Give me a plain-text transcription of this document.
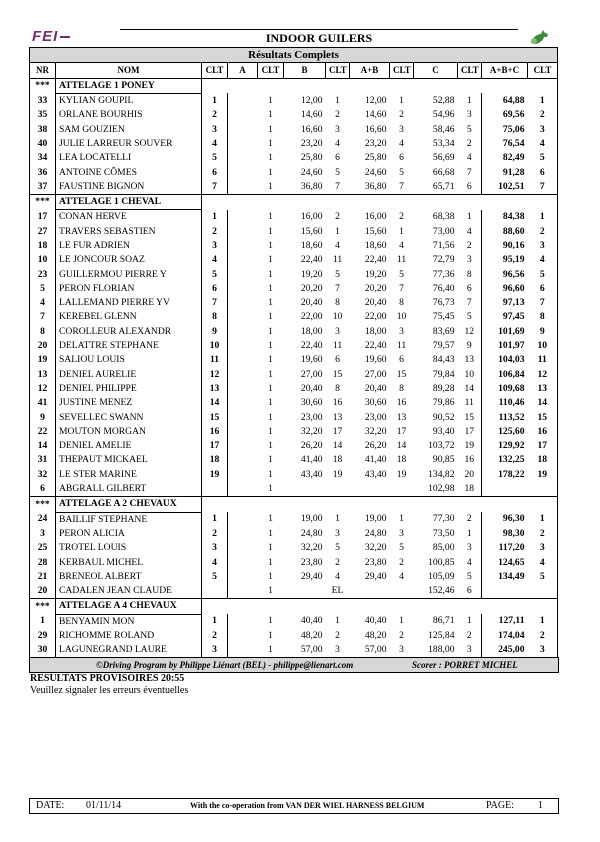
FEI	INDOOR GUILERS
Résultats Complets												
NR	NOM	CLT	A	CLT	B	CLT	A+B	CLT	C	CLT	A+B+C	CLT
***	ATTELAGE 1 PONEY											
33	KYLIAN GOUPIL	1		1	12,00	1	12,00	1	52,88	1	64,88	1
35	ORLANE BOURHIS	2		1	14,60	2	14,60	2	54,96	3	69,56	2
38	SAM GOUZIEN	3		1	16,60	3	16,60	3	58,46	5	75,06	3
40	JULIE LARREUR SOUVER	4		1	23,20	4	23,20	4	53,34	2	76,54	4
34	LEA LOCATELLI	5		1	25,80	6	25,80	6	56,69	4	82,49	5
36	ANTOINE CÔMES	6		1	24,60	5	24,60	5	66,68	7	91,28	6
37	FAUSTINE BIGNON	7		1	36,80	7	36,80	7	65,71	6	102,51	7
***	ATTELAGE 1 CHEVAL											
17	CONAN HERVE	1		1	16,00	2	16,00	2	68,38	1	84,38	1
27	TRAVERS SEBASTIEN	2		1	15,60	1	15,60	1	73,00	4	88,60	2
18	LE FUR ADRIEN	3		1	18,60	4	18,60	4	71,56	2	90,16	3
10	LE JONCOUR SOAZ	4		1	22,40	11	22,40	11	72,79	3	95,19	4
23	GUILLERMOU PIERRE Y	5		1	19,20	5	19,20	5	77,36	8	96,56	5
5	PERON FLORIAN	6		1	20,20	7	20,20	7	76,40	6	96,60	6
4	LALLEMAND PIERRE YV	7		1	20,40	8	20,40	8	76,73	7	97,13	7
7	KEREBEL GLENN	8		1	22,00	10	22,00	10	75,45	5	97,45	8
8	COROLLEUR ALEXANDR	9		1	18,00	3	18,00	3	83,69	12	101,69	9
20	DELATTRE STEPHANE	10		1	22,40	11	22,40	11	79,57	9	101,97	10
19	SALIOU LOUIS	11		1	19,60	6	19,60	6	84,43	13	104,03	11
13	DENIEL AURELIE	12		1	27,00	15	27,00	15	79,84	10	106,84	12
12	DENIEL PHILIPPE	13		1	20,40	8	20,40	8	89,28	14	109,68	13
41	JUSTINE MENEZ	14		1	30,60	16	30,60	16	79,86	11	110,46	14
9	SEVELLEC SWANN	15		1	23,00	13	23,00	13	90,52	15	113,52	15
22	MOUTON MORGAN	16		1	32,20	17	32,20	17	93,40	17	125,60	16
14	DENIEL AMELIE	17		1	26,20	14	26,20	14	103,72	19	129,92	17
31	THEPAUT MICKAEL	18		1	41,40	18	41,40	18	90,85	16	132,25	18
32	LE STER MARINE	19		1	43,40	19	43,40	19	134,82	20	178,22	19
6	ABGRALL GILBERT			1					102,98	18		
***	ATTELAGE A 2 CHEVAUX											
24	BAILLIF STEPHANE	1		1	19,00	1	19,00	1	77,30	2	96,30	1
3	PERON ALICIA	2		1	24,80	3	24,80	3	73,50	1	98,30	2
25	TROTEL LOUIS	3		1	32,20	5	32,20	5	85,00	3	117,20	3
28	KERBAUL MICHEL	4		1	23,80	2	23,80	2	100,85	4	124,65	4
21	BRENEOL ALBERT	5		1	29,40	4	29,40	4	105,09	5	134,49	5
20	CADALEN JEAN CLAUDE			1		EL			152,46	6		
***	ATTELAGE A 4 CHEVAUX											
1	BENYAMIN MON	1		1	40,40	1	40,40	1	86,71	1	127,11	1
29	RICHOMME ROLAND	2		1	48,20	2	48,20	2	125,84	2	174,04	2
30	LAGUNEGRAND LAURE	3		1	57,00	3	57,00	3	188,00	3	245,00	3
©Driving Program by Philippe Liénart (BEL) - philippe@lienart.com	Scorer : PORRET MICHEL
RESULTATS PROVISOIRES 20:55
Veuillez signaler les erreurs éventuelles
DATE: 01/11/14	With the co-operation from VAN DER WIEL HARNESS BELGIUM	PAGE: 1
